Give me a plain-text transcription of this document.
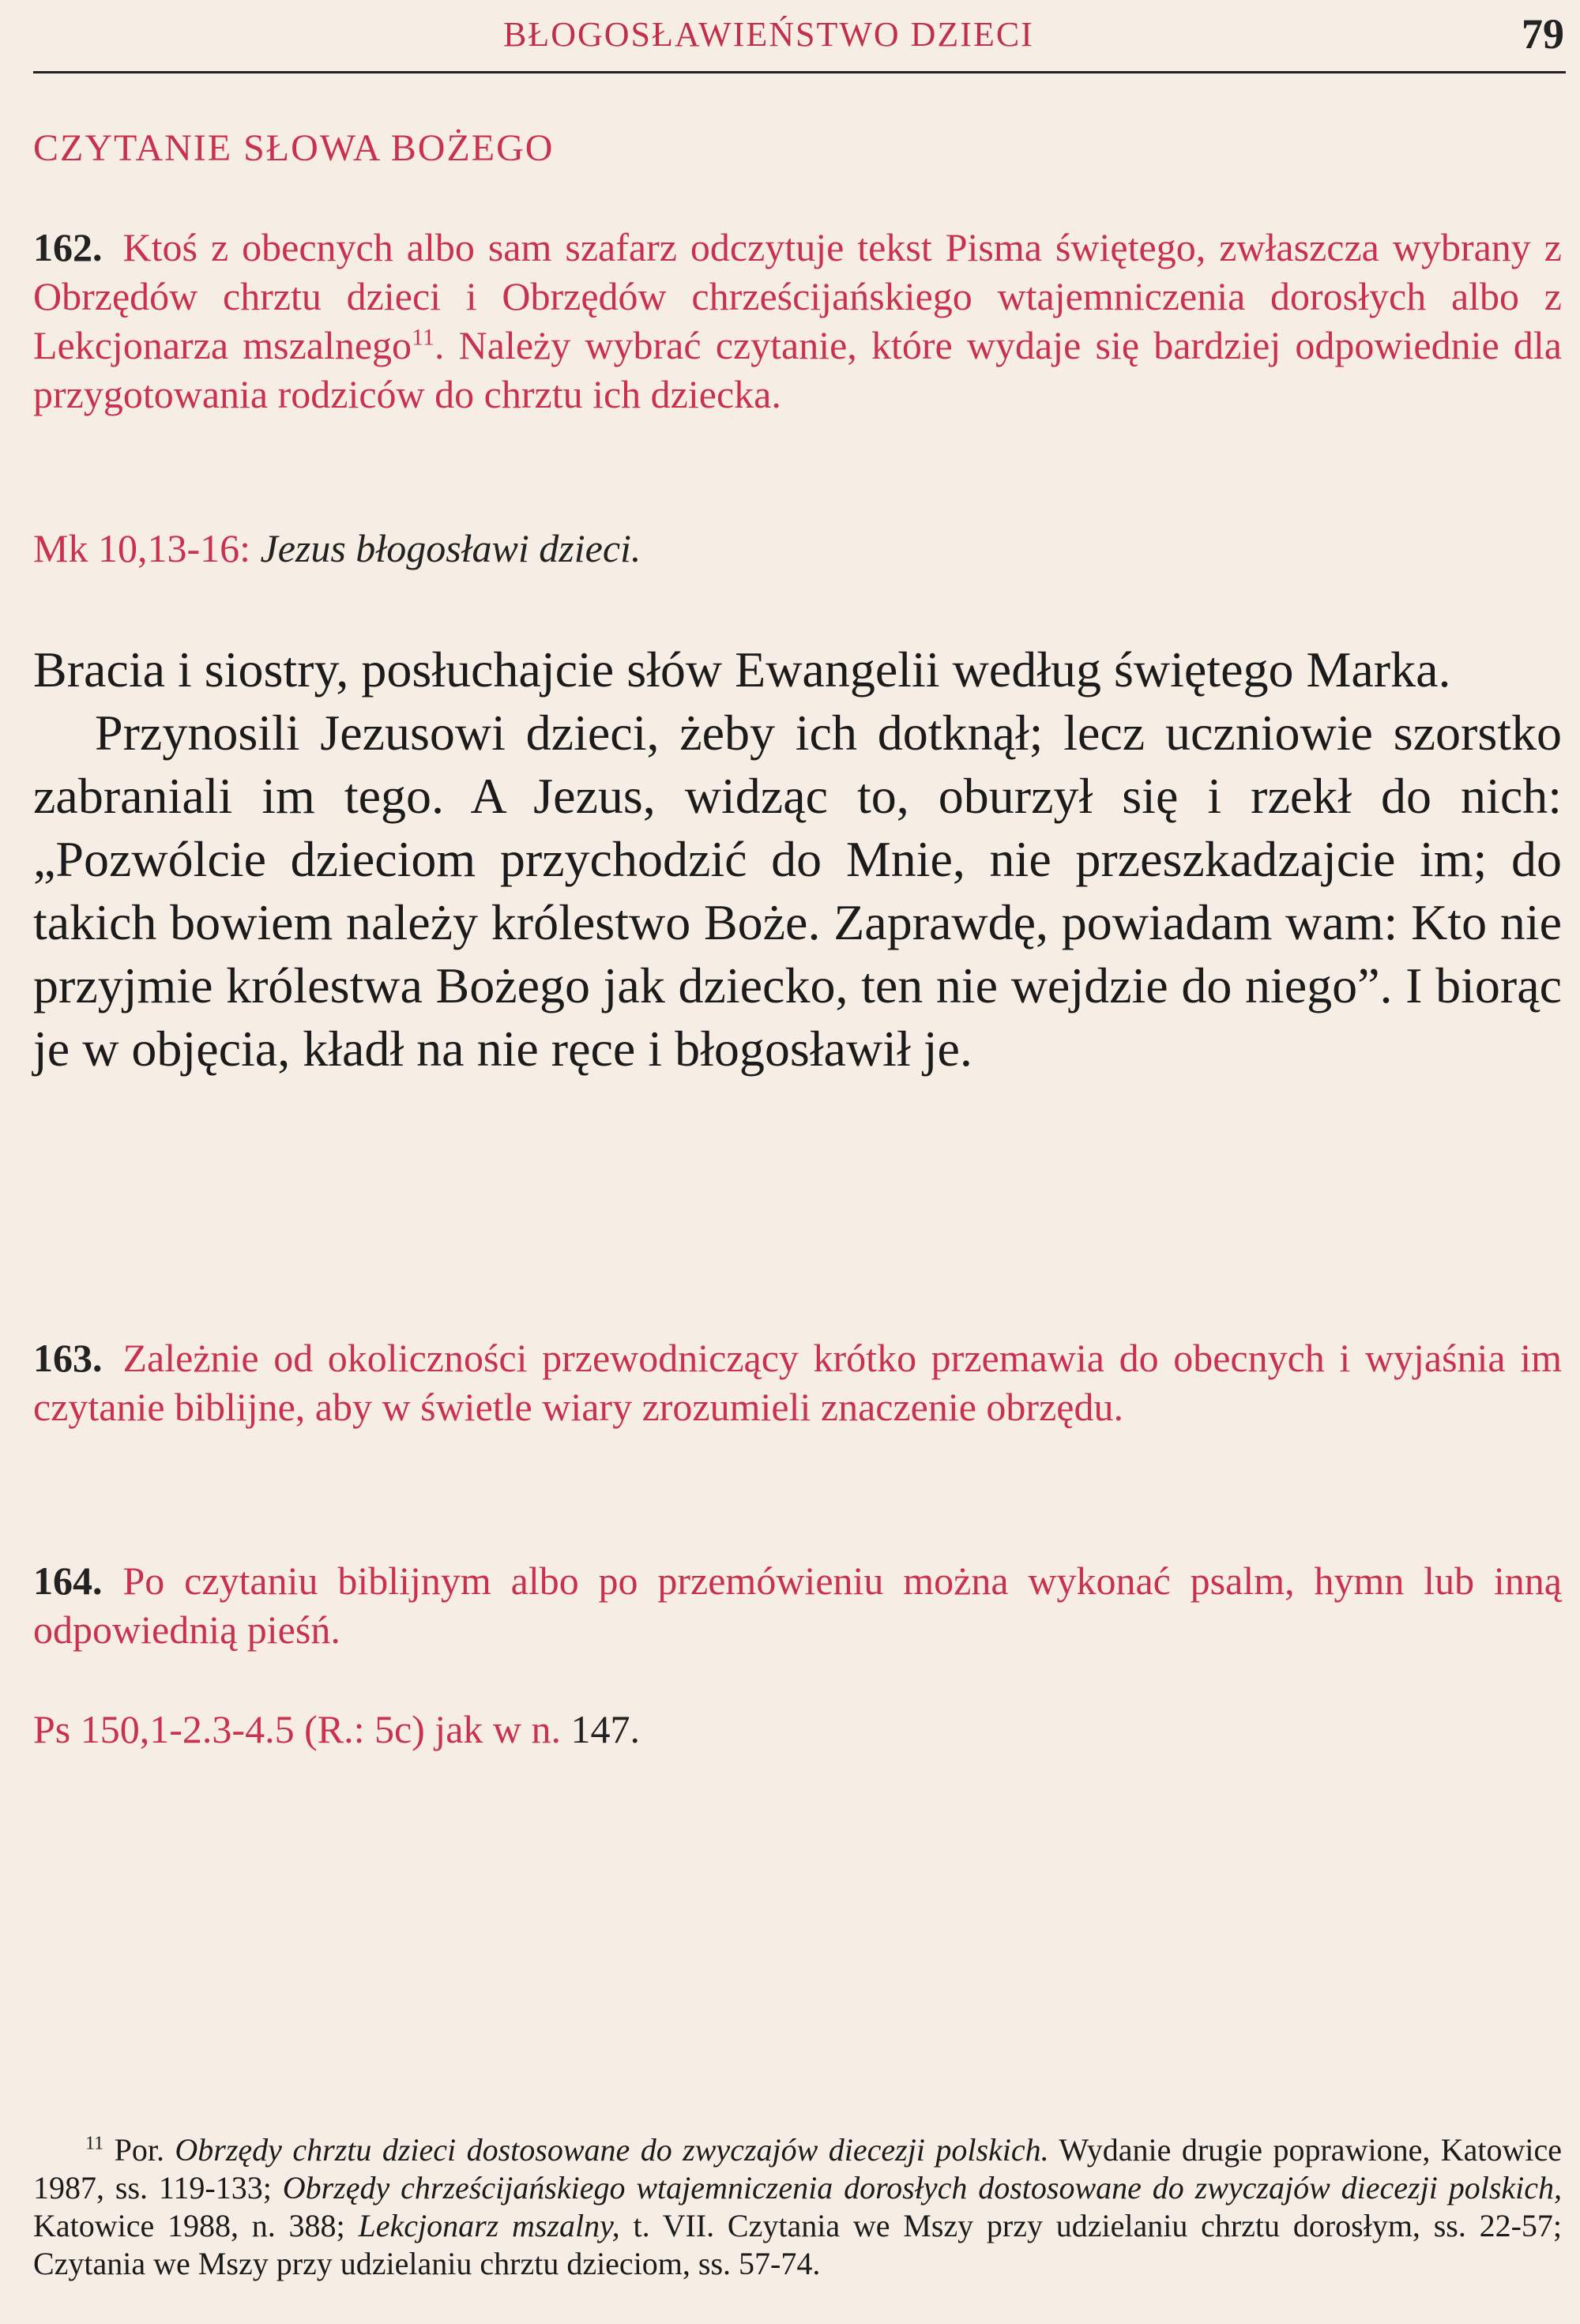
BŁOGOSŁAWIEŃSTWO DZIECI	79
CZYTANIE SŁOWA BOŻEGO
162. Ktoś z obecnych albo sam szafarz odczytuje tekst Pisma świętego, zwłaszcza wybrany z Obrzędów chrztu dzieci i Obrzędów chrześcijańskiego wtajemniczenia dorosłych albo z Lekcjonarza mszalnego$^{11}$. Należy wybrać czytanie, które wydaje się bardziej odpowiednie dla przygotowania rodziców do chrztu ich dziecka.
Mk 10,13-16: Jezus błogosławi dzieci.

Bracia i siostry, posłuchajcie słów Ewangelii według świętego Marka.

Przynosili Jezusowi dzieci, żeby ich dotknął; lecz uczniowie szorstko zabraniali im tego. A Jezus, widząc to, oburzył się i rzekł do nich: „Pozwólcie dzieciom przychodzić do Mnie, nie przeszkadzajcie im; do takich bowiem należy królestwo Boże. Zaprawdę, powiadam wam: Kto nie przyjmie królestwa Bożego jak dziecko, ten nie wejdzie do niego”. I biorąc je w objęcia, kładł na nie ręce i błogosławił je.

163. Zależnie od okoliczności przewodniczący krótko przemawia do obecnych i wyjaśnia im czytanie biblijne, aby w świetle wiary zrozumieli znaczenie obrzędu.
164. Po czytaniu biblijnym albo po przemówieniu można wykonać psalm, hymn lub inną odpowiednią pieśń.
Ps 150,1-2.3-4.5 (R.: 5c) jak w n. 147.
$^{11}$ Por. Obrzędy chrztu dzieci dostosowane do zwyczajów diecezji polskich. Wydanie drugie poprawione, Katowice 1987, ss. 119-133; Obrzędy chrześcijańskiego wtajemniczenia dorosłych dostosowane do zwyczajów diecezji polskich, Katowice 1988, n. 388; Lekcjonarz mszalny, t. VII. Czytania we Mszy przy udzielaniu chrztu dorosłym, ss. 22-57; Czytania we Mszy przy udzielaniu chrztu dzieciom, ss. 57-74.
